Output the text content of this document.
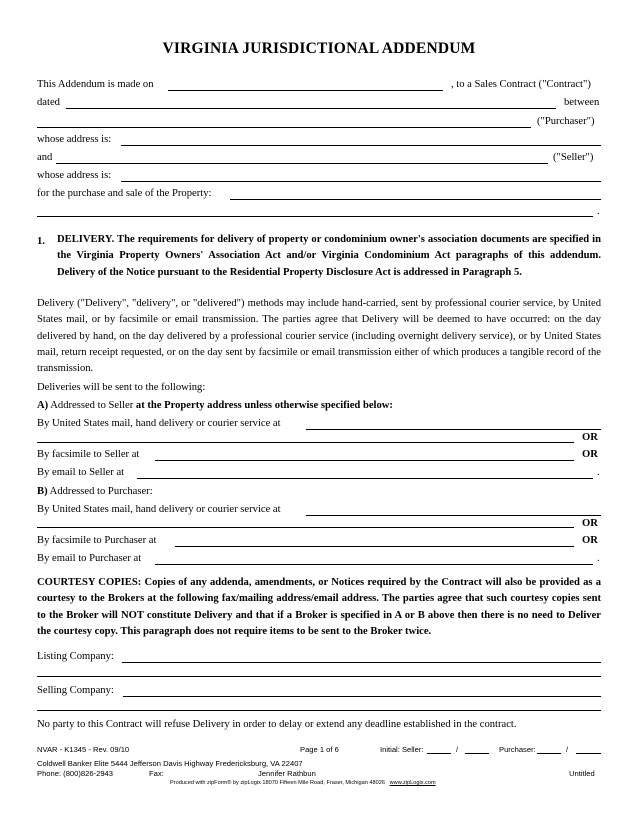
VIRGINIA JURISDICTIONAL ADDENDUM
This Addendum is made on	, to a Sales Contract ("Contract")
dated	between
("Purchaser")
whose address is:
and	("Seller")
whose address is:
for the purchase and sale of the Property:
.
1. DELIVERY. The requirements for delivery of property or condominium owner's association documents are specified in the Virginia Property Owners' Association Act and/or Virginia Condominium Act paragraphs of this addendum. Delivery of the Notice pursuant to the Residential Property Disclosure Act is addressed in Paragraph 5.
Delivery ("Delivery", "delivery", or "delivered") methods may include hand-carried, sent by professional courier service, by United States mail, or by facsimile or email transmission. The parties agree that Delivery will be deemed to have occurred: on the day delivered by hand, on the day delivered by a professional courier service (including overnight delivery service), or by United States mail, return receipt requested, or on the day sent by facsimile or email transmission either of which produces a tangible record of the transmission.
Deliveries will be sent to the following:
A) Addressed to Seller at the Property address unless otherwise specified below:
By United States mail, hand delivery or courier service at
OR
By facsimile to Seller at	OR
By email to Seller at	.
B) Addressed to Purchaser:
By United States mail, hand delivery or courier service at
OR
By facsimile to Purchaser at	OR
By email to Purchaser at	.
COURTESY COPIES: Copies of any addenda, amendments, or Notices required by the Contract will also be provided as a courtesy to the Brokers at the following fax/mailing address/email address. The parties agree that such courtesy copies sent to the Broker will NOT constitute Delivery and that if a Broker is specified in A or B above then there is no need to Deliver the courtesy copy. This paragraph does not require items to be sent to the Broker twice.
Listing Company:
Selling Company:
No party to this Contract will refuse Delivery in order to delay or extend any deadline established in the contract.
NVAR - K1345 - Rev. 09/10	Page 1 of 6	Initial: Seller:	/	Purchaser:	/
Coldwell Banker Elite 5444 Jefferson Davis Highway Fredericksburg, VA 22407
Phone: (800)826-2943	Fax:	Jennifer Rathbun	Untitled
Produced with zipForm® by zipLogix 18070 Fifteen Mile Road, Fraser, Michigan 48026 www.zipLogix.com
